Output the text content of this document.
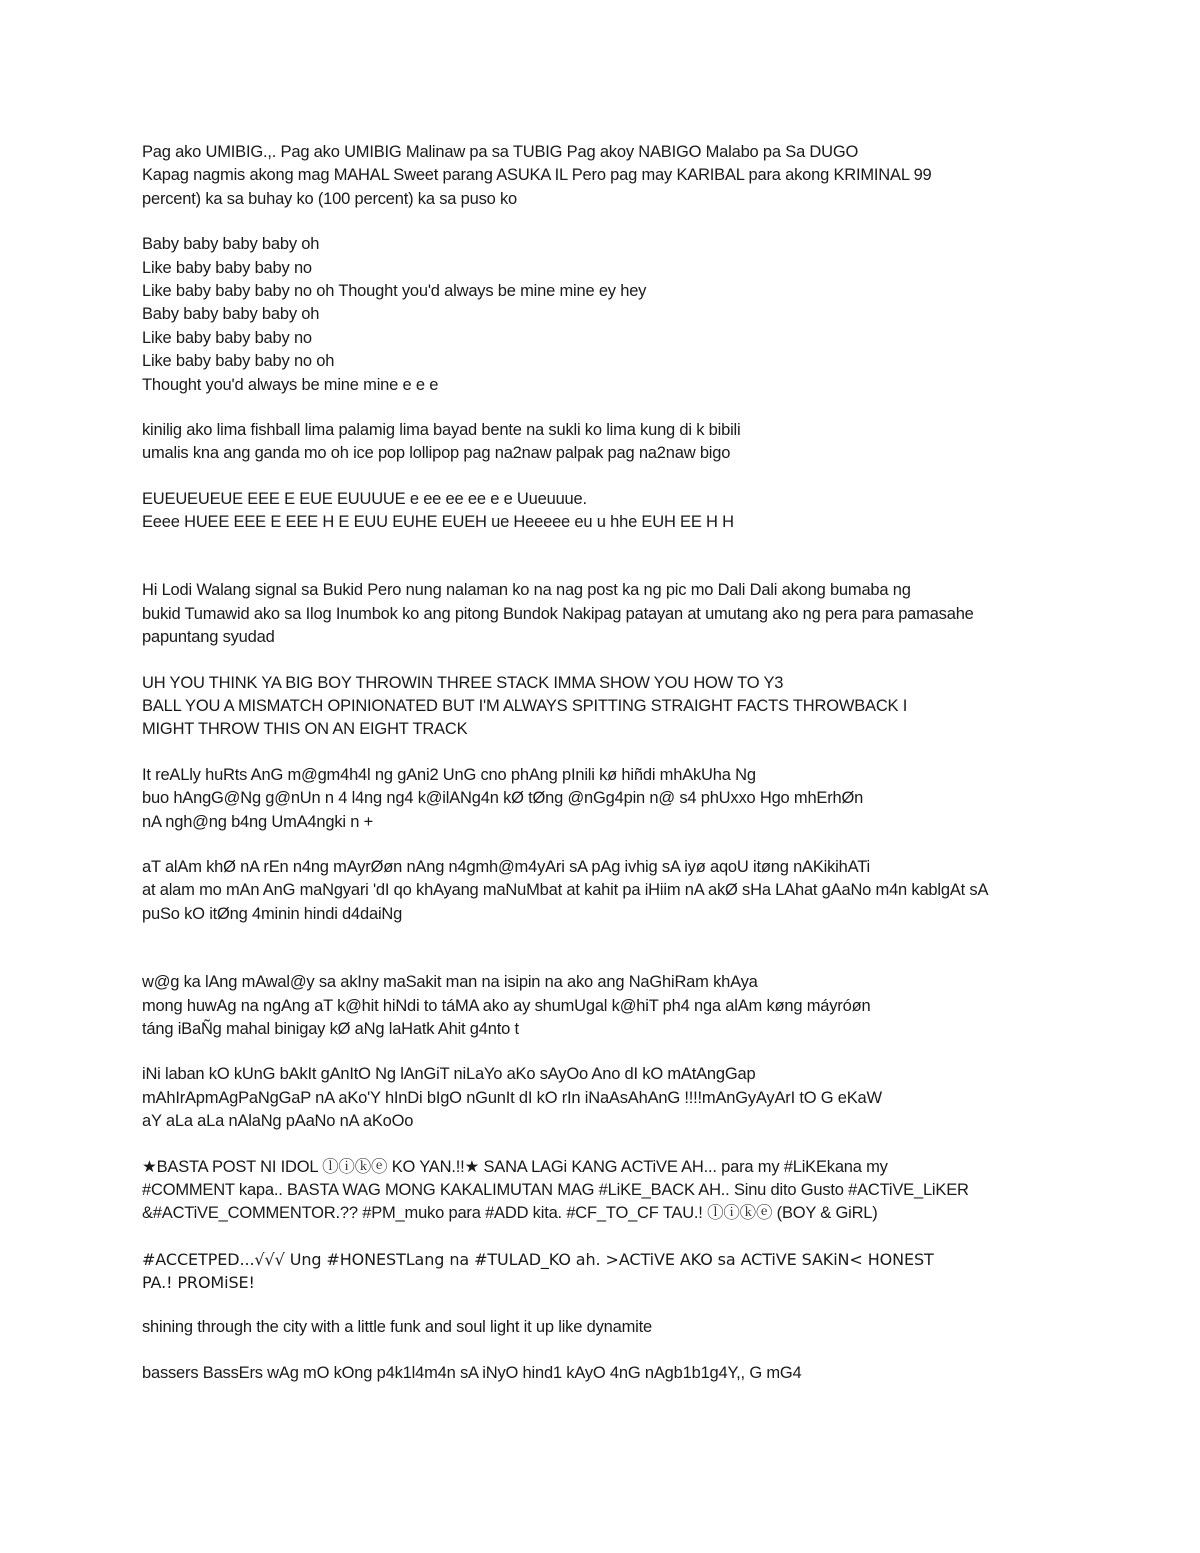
Pag ako UMIBIG.,. Pag ako UMIBIG Malinaw pa sa TUBIG Pag akoy NABIGO Malabo pa Sa DUGO
Kapag nagmis akong mag MAHAL Sweet parang ASUKA IL Pero pag may KARIBAL para akong KRIMINAL 99
percent) ka sa buhay ko (100 percent) ka sa puso ko
Baby baby baby baby oh
Like baby baby baby no
Like baby baby baby no oh Thought you'd always be mine mine ey hey
Baby baby baby baby oh
Like baby baby baby no
Like baby baby baby no oh
Thought you'd always be mine mine e e e
kinilig ako lima fishball lima palamig lima bayad bente na sukli ko lima kung di k bibili
umalis kna ang ganda mo oh ice pop lollipop pag na2naw palpak pag na2naw bigo
EUEUEUEUE EEE E EUE EUUUUE e ee ee ee e e Uueuuue.
Eeee HUEE EEE E EEE H E EUU EUHE EUEH ue Heeeee eu u hhe EUH EE H H
Hi Lodi Walang signal sa Bukid Pero nung nalaman ko na nag post ka ng pic mo Dali Dali akong bumaba ng
bukid Tumawid ako sa Ilog Inumbok ko ang pitong Bundok Nakipag patayan at umutang ako ng pera para pamasahe
papuntang syudad
UH YOU THINK YA BIG BOY THROWIN THREE STACK IMMA SHOW YOU HOW TO Y3
BALL YOU A MISMATCH OPINIONATED BUT I'M ALWAYS SPITTING STRAIGHT FACTS THROWBACK I
MIGHT THROW THIS ON AN EIGHT TRACK
It reALly huRts AnG m@gm4h4l ng gAni2 UnG cno phAng pInili kø hiñdi mhAkUha Ng
buo hAngG@Ng g@nUn n 4 l4ng ng4 k@ilANg4n kØ tØng @nGg4pin n@ s4 phUxxo Hgo mhErhØn
nA ngh@ng b4ng UmA4ngki n +
aT alAm khØ nA rEn n4ng mAyrØøn nAng n4gmh@m4yAri sA pAg ivhig sA iyø aqoU itøng nAKikihATi
at alam mo mAn AnG maNgyari 'dI qo khAyang maNuMbat at kahit pa iHiim nA akØ sHa LAhat gAaNo m4n kablgAt sA
puSo kO itØng 4minin hindi d4daiNg
w@g ka lAng mAwal@y sa akIny maSakit man na isipin na ako ang NaGhiRam khAya
mong huwAg na ngAng aT k@hit hiNdi to táMA ako ay shumUgal k@hiT ph4 nga alAm køng máyróøn
táng iBaÑg mahal binigay kØ aNg laHatk Ahit g4nto t
iNi laban kO kUnG bAkIt gAnItO Ng lAnGiT niLaYo aKo sAyOo Ano dI kO mAtAngGap
mAhIrApmAgPaNgGaP nA aKo'Y hInDi bIgO nGunIt dI kO rIn iNaAsAhAnG !!!!mAnGyAyArI tO G eKaW
aY aLa aLa nAlaNg pAaNo nA aKoOo
★BASTA POST NI IDOL ⓛⓘⓚⓔ KO YAN.!!★ SANA LAGi KANG ACTiVE AH... para my #LiKEkana my
#COMMENT kapa.. BASTA WAG MONG KAKALIMUTAN MAG #LiKE_BACK AH.. Sinu dito Gusto #ACTiVE_LiKER
&#ACTiVE_COMMENTOR.?? #PM_muko para #ADD kita. #CF_TO_CF TAU.! ⓛⓘⓚⓔ (BOY & GiRL)
#ACCETPED...√√√ Ung #HONESTLang na #TULAD_KO ah. >ACTiVE AKO sa ACTiVE SAKiN< HONEST
PA.! PROMiSE!
shining through the city with a little funk and soul light it up like dynamite
bassers BassErs wAg mO kOng p4k1l4m4n sA iNyO hind1 kAyO 4nG nAgb1b1g4Y,, G mG4
